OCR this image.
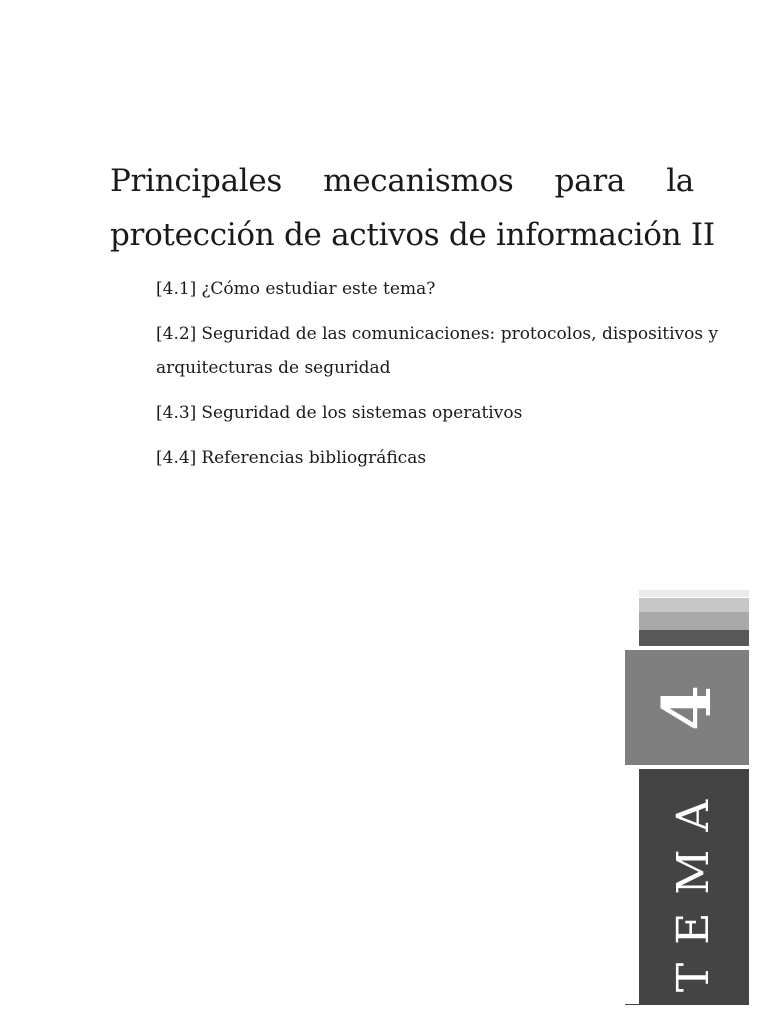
Principales mecanismos para la
protección de activos de información II
[4.1] ¿Cómo estudiar este tema?
[4.2] Seguridad de las comunicaciones: protocolos, dispositivos y arquitecturas de seguridad
[4.3] Seguridad de los sistemas operativos
[4.4] Referencias bibliográficas
4
TEMA
